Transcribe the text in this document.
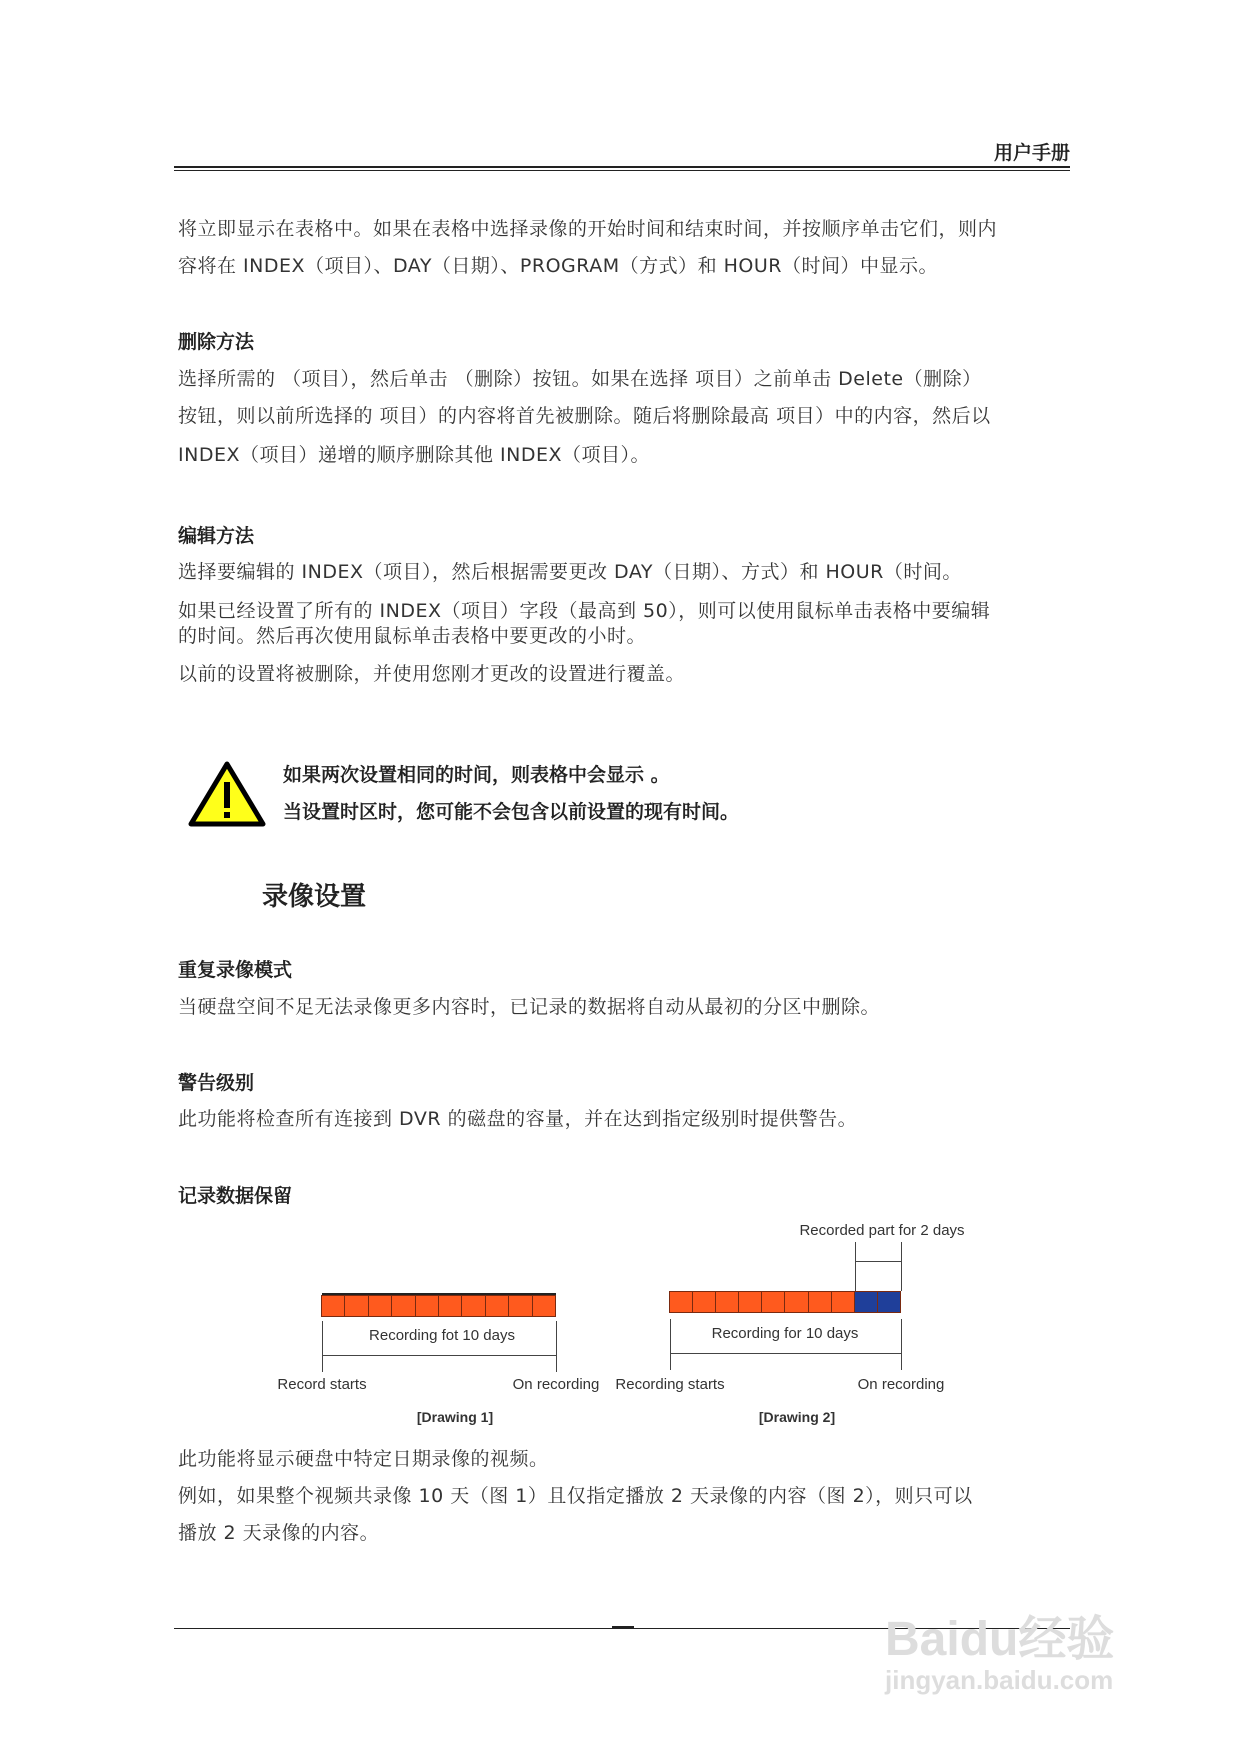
用户手册
将立即显示在表格中。如果在表格中选择录像的开始时间和结束时间，并按顺序单击它们，则内
容将在 INDEX（项目）、DAY（日期）、PROGRAM（方式）和 HOUR（时间）中显示。
删除方法
选择所需的 （项目），然后单击 （删除）按钮。如果在选择 项目）之前单击 Delete（删除）
按钮，则以前所选择的 项目）的内容将首先被删除。随后将删除最高 项目）中的内容，然后以
INDEX（项目）递增的顺序删除其他 INDEX（项目）。
编辑方法
选择要编辑的 INDEX（项目），然后根据需要更改 DAY（日期）、方式）和 HOUR（时间。
如果已经设置了所有的 INDEX（项目）字段（最高到 50），则可以使用鼠标单击表格中要编辑
的时间。然后再次使用鼠标单击表格中要更改的小时。
以前的设置将被删除，并使用您刚才更改的设置进行覆盖。
如果两次设置相同的时间，则表格中会显示 。
当设置时区时，您可能不会包含以前设置的现有时间。
录像设置
重复录像模式
当硬盘空间不足无法录像更多内容时，已记录的数据将自动从最初的分区中删除。
警告级别
此功能将检查所有连接到 DVR 的磁盘的容量，并在达到指定级别时提供警告。
记录数据保留
Recording fot 10 days
Record starts	On recording
[Drawing 1]
Recorded part for 2 days
Recording for 10 days
Recording starts	On recording
[Drawing 2]
此功能将显示硬盘中特定日期录像的视频。
例如，如果整个视频共录像 10 天（图 1）且仅指定播放 2 天录像的内容（图 2），则只可以
播放 2 天录像的内容。
Baidu经验
jingyan.baidu.com
